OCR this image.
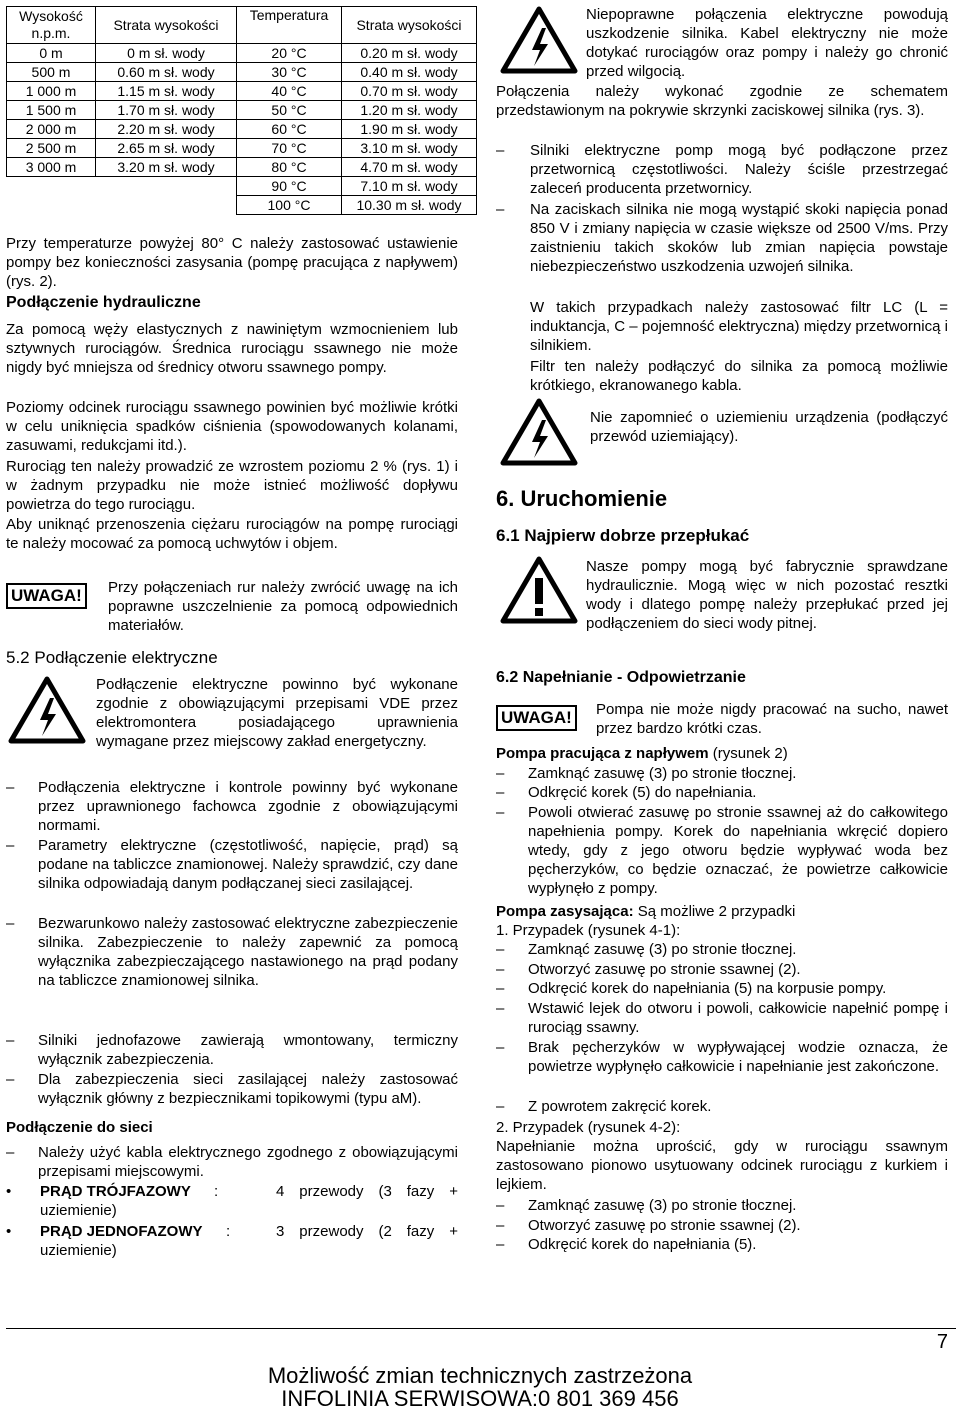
Wysokość n.p.m.	Strata wysokości	Temperatura	Strata wysokości
0 m	0 m sł. wody	20 °C	0.20 m sł. wody
500 m	0.60 m sł. wody	30 °C	0.40 m sł. wody
1 000 m	1.15 m sł. wody	40 °C	0.70 m sł. wody
1 500 m	1.70 m sł. wody	50 °C	1.20 m sł. wody
2 000 m	2.20 m sł. wody	60 °C	1.90 m sł. wody
2 500 m	2.65 m sł. wody	70 °C	3.10 m sł. wody
3 000 m	3.20 m sł. wody	80 °C	4.70 m sł. wody
		90 °C	7.10 m sł. wody
		100 °C	10.30 m sł. wody
Przy temperaturze powyżej 80° C należy zastosować ustawienie pompy bez konieczności zasysania (pompę pracująca z napływem) (rys. 2).
Podłączenie hydrauliczne
Za pomocą węży elastycznych z nawiniętym wzmocnieniem lub sztywnych rurociągów. Średnica rurociągu ssawnego nie może nigdy być mniejsza od średnicy otworu ssawnego pompy.
Poziomy odcinek rurociągu ssawnego powinien być możliwie krótki w celu uniknięcia spadków ciśnienia (spowodowanych kolanami, zasuwami, redukcjami itd.).
Rurociąg ten należy prowadzić ze wzrostem poziomu 2 % (rys. 1) i w żadnym przypadku nie może istnieć możliwość dopływu powietrza do tego rurociągu.
Aby uniknąć przenoszenia ciężaru rurociągów na pompę rurociągi te należy mocować za pomocą uchwytów i objem.
UWAGA!	Przy połączeniach rur należy zwrócić uwagę na ich poprawne uszczelnienie za pomocą odpowiednich materiałów.
5.2 Podłączenie elektryczne
Podłączenie elektryczne powinno być wykonane zgodnie z obowiązującymi przepisami VDE przez elektromontera posiadającego uprawnienia wymagane przez miejscowy zakład energetyczny.
–	Podłączenia elektryczne i kontrole powinny być wykonane przez uprawnionego fachowca zgodnie z obowiązującymi normami.
–	Parametry elektryczne (częstotliwość, napięcie, prąd) są podane na tabliczce znamionowej. Należy sprawdzić, czy dane silnika odpowiadają danym podłączanej sieci zasilającej.
–	Bezwarunkowo należy zastosować elektryczne zabezpieczenie silnika. Zabezpieczenie to należy zapewnić za pomocą wyłącznika zabezpieczającego nastawionego na prąd podany na tabliczce znamionowej silnika.
–	Silniki jednofazowe zawierają wmontowany, termiczny wyłącznik zabezpieczenia.
–	Dla zabezpieczenia sieci zasilającej należy zastosować wyłącznik główny z bezpiecznikami topikowymi (typu aM).
Podłączenie do sieci
Należy użyć kabla elektrycznego zgodnego z obowiązującymi przepisami miejscowymi.
–
• PRĄD TRÓJFAZOWY :	4 przewody (3 fazy + uziemienie)
• PRĄD JEDNOFAZOWY :	3 przewody (2 fazy + uziemienie)
Niepoprawne połączenia elektryczne powodują uszkodzenie silnika. Kabel elektryczny nie może dotykać rurociągów oraz pompy i należy go chronić przed wilgocią.
Połączenia należy wykonać zgodnie ze schematem przedstawionym na pokrywie skrzynki zaciskowej silnika (rys. 3).
–	Silniki elektryczne pomp mogą być podłączone przez przetwornicą częstotliwości. Należy ściśle przestrzegać zaleceń producenta przetwornicy.
–	Na zaciskach silnika nie mogą wystąpić skoki napięcia ponad 850 V i zmiany napięcia w czasie większe od 2500 V/ms. Przy zaistnieniu takich skoków lub zmian napięcia powstaje niebezpieczeństwo uszkodzenia uzwojeń silnika.
W takich przypadkach należy zastosować filtr LC (L = induktancja, C – pojemność elektryczna) między przetwornicą i silnikiem.
Filtr ten należy podłączyć do silnika za pomocą możliwie krótkiego, ekranowanego kabla.
Nie zapomnieć o uziemieniu urządzenia (podłączyć przewód uziemiający).
6. Uruchomienie
6.1 Najpierw dobrze przepłukać
Nasze pompy mogą być fabrycznie sprawdzane hydraulicznie. Mogą więc w nich pozostać resztki wody i dlatego pompę należy przepłukać przed jej podłączeniem do sieci wody pitnej.
6.2 Napełnianie - Odpowietrzanie
UWAGA!	Pompa nie może nigdy pracować na sucho, nawet przez bardzo krótki czas.
Pompa pracująca z napływem (rysunek 2)
–	Zamknąć zasuwę (3) po stronie tłocznej.
–	Odkręcić korek (5) do napełniania.
–	Powoli otwierać zasuwę po stronie ssawnej aż do całkowitego napełnienia pompy. Korek do napełniania wkręcić dopiero wtedy, gdy z jego otworu będzie wypływać woda bez pęcherzyków, co będzie oznaczać, że powietrze całkowicie wypłynęło z pompy.
Pompa zasysająca: Są możliwe 2 przypadki
1. Przypadek (rysunek 4-1):
–	Zamknąć zasuwę (3) po stronie tłocznej.
–	Otworzyć zasuwę po stronie ssawnej (2).
–	Odkręcić korek do napełniania (5) na korpusie pompy.
–	Wstawić lejek do otworu i powoli, całkowicie napełnić pompę i rurociąg ssawny.
–	Brak pęcherzyków w wypływającej wodzie oznacza, że powietrze wypłynęło całkowicie i napełnianie jest zakończone.
–	Z powrotem zakręcić korek.
2. Przypadek (rysunek 4-2):
Napełnianie można uprościć, gdy w rurociągu ssawnym zastosowano pionowo usytuowany odcinek rurociągu z kurkiem i lejkiem.
–	Zamknąć zasuwę (3) po stronie tłocznej.
–	Otworzyć zasuwę po stronie ssawnej (2).
–	Odkręcić korek do napełniania (5).
7
Możliwość zmian technicznych zastrzeżona
INFOLINIA SERWISOWA:0 801 369 456
